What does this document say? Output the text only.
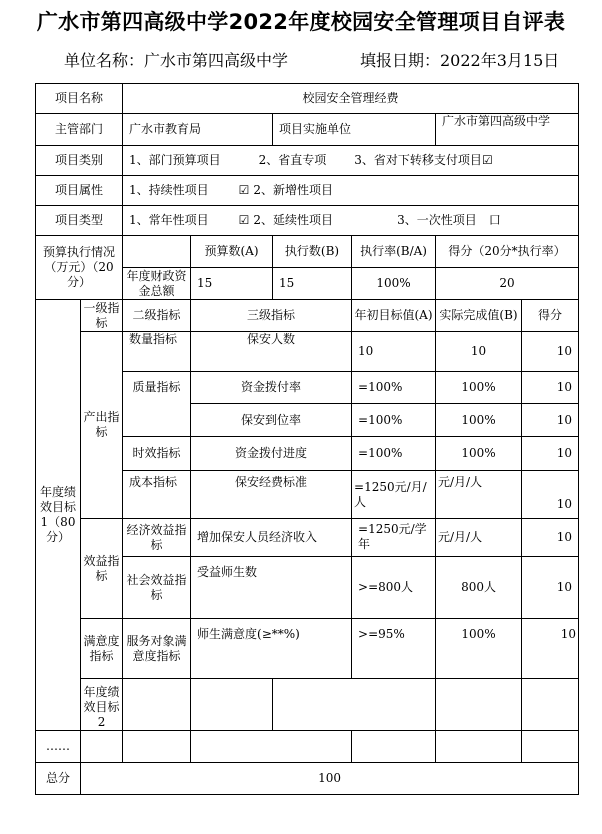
广水市第四高级中学2022年度校园安全管理项目自评表
单位名称：广水市第四高级中学	填报日期：2022年3月15日
项目名称		校园安全管理经费						
主管部门		广水市教育局		项目实施单位		广水市第四高级中学		
项目类别		1、部门预算项目 2、省直专项 3、省对下转移支付项目☑						
项目属性		1、持续性项目 ☑ 2、新增性项目						
项目类型		1、常年性项目 ☑ 2、延续性项目 3、一次性项目 口						
预算执行情况（万元）（20分）			预算数(A)	执行数(B)	执行率(B/A)	得分（20分*执行率）		
		年度财政资金总额	15	15	100%	20		
年度绩效目标1（80分）	一级指标	二级指标	三级指标		年初目标值(A)	实际完成值(B)	得分	
	产出指标	数量指标	保安人数		10	10	10	
		质量指标	资金拨付率		=100%	100%	10	
			保安到位率		=100%	100%	10	
		时效指标	资金拨付进度		=100%	100%	10	
		成本指标	保安经费标准		=1250元/月/人	元/月/人	10	
	效益指标	经济效益指标	增加保安人员经济收入		=1250元/学年	元/月/人	10	
		社会效益指标	受益师生数		>=800人	800人	10	
	满意度指标	服务对象满意度指标	师生满意度(≥**%)		>=95%	100%	10	
	年度绩效目标2							
……								
总分	100							
